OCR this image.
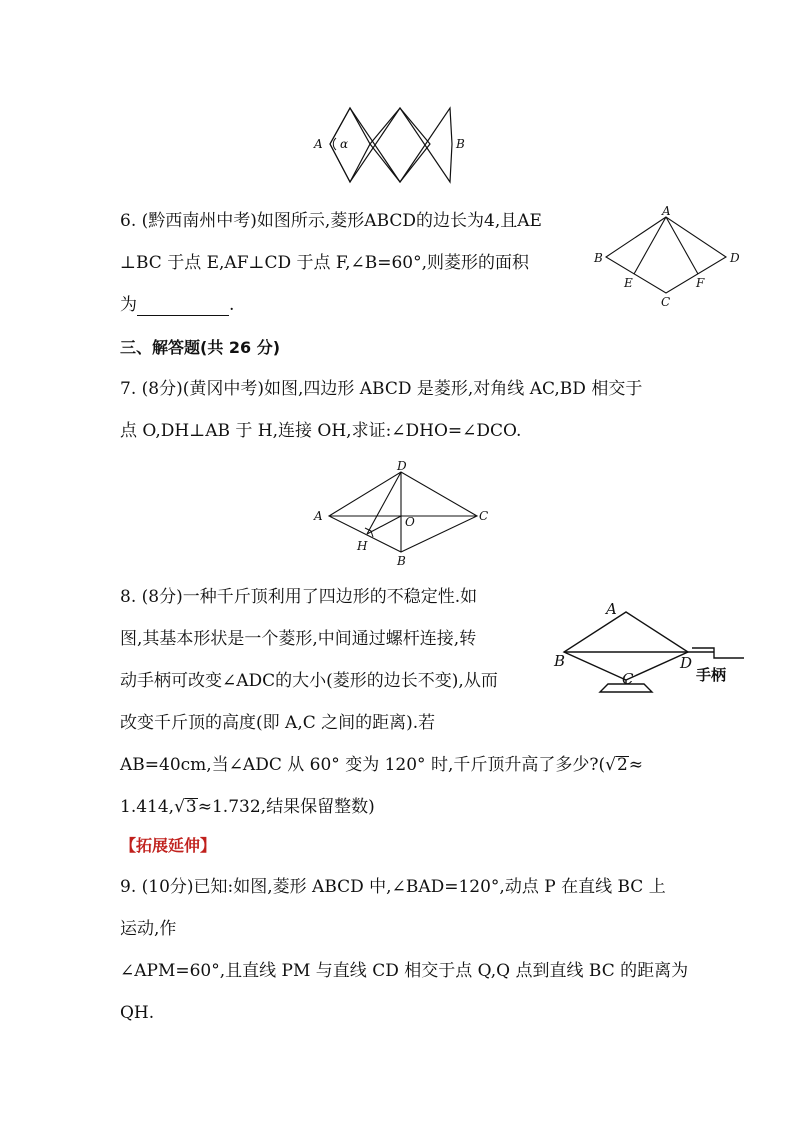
A α	B
6. (黔西南州中考)如图所示,菱形ABCD的边长为4,且AE
⊥BC 于点 E,AF⊥CD 于点 F,∠B=60°,则菱形的面积
为	.
A
B
C
D
E	F
三、解答题(共 26 分)
7. (8分)(黄冈中考)如图,四边形 ABCD 是菱形,对角线 AC,BD 相交于
点 O,DH⊥AB 于 H,连接 OH,求证:∠DHO=∠DCO.
A
B
C
D
O
H
8. (8分)一种千斤顶利用了四边形的不稳定性.如
图,其基本形状是一个菱形,中间通过螺杆连接,转
动手柄可改变∠ADC的大小(菱形的边长不变),从而
改变千斤顶的高度(即 A,C 之间的距离).若
AB=40cm,当∠ADC 从 60° 变为 120° 时,千斤顶升高了多少?(√2≈
1.414,√3≈1.732,结果保留整数)
A
B
C
D
手柄
【拓展延伸】
9. (10分)已知:如图,菱形 ABCD 中,∠BAD=120°,动点 P 在直线 BC 上
运动,作
∠APM=60°,且直线 PM 与直线 CD 相交于点 Q,Q 点到直线 BC 的距离为
QH.
